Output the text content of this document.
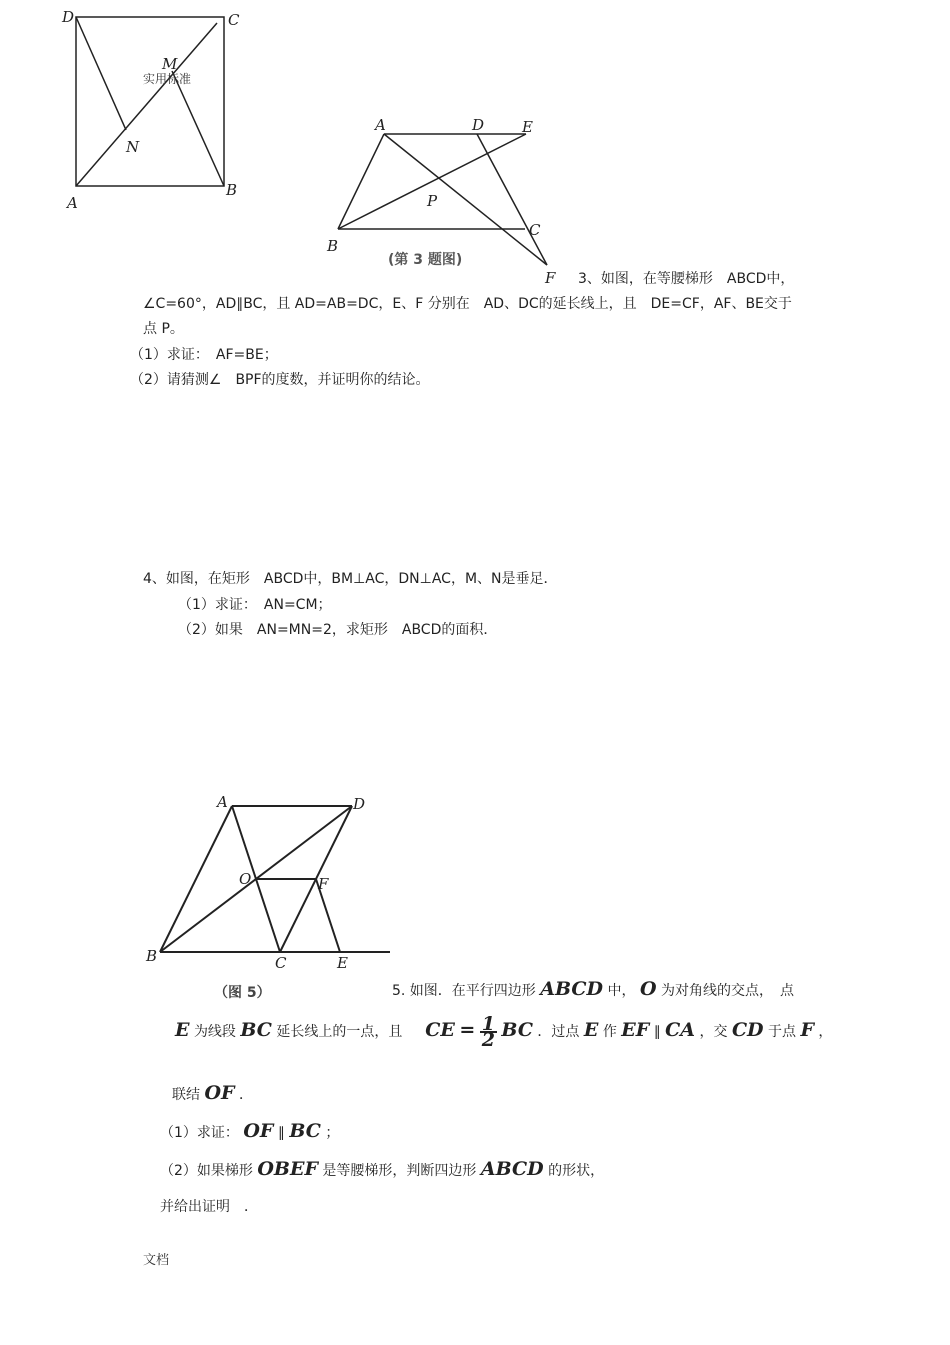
D	C
A
B
M
N
实用标准
A	D	E
B
C
P
F
(第 3 题图)
3、如图，在等腰梯形　ABCD中，
∠C=60°，AD∥BC，且 AD=AB=DC，E、F 分别在　AD、DC的延长线上，且　DE=CF，AF、BE交于
点 P。
（1）求证：　AF=BE；
（2）请猜测∠　BPF的度数，并证明你的结论。
4、如图，在矩形　ABCD中，BM⊥AC，DN⊥AC，M、N是垂足．
（1）求证：　AN=CM；
（2）如果　AN=MN=2，求矩形　ABCD的面积．
A	D
O	F
B	C	E
（图 5）	5. 如图．在平行四边形 ABCD 中， O 为对角线的交点，　点
E 为线段 BC 延长线上的一点，且 CE = $\frac{1}{2}$ BC ．过点 E 作 EF ∥ CA ，交 CD 于点 F ，
联结 OF ．
（1）求证： OF ∥ BC ；
（2）如果梯形 OBEF 是等腰梯形，判断四边形 ABCD 的形状，
并给出证明　．
文档
